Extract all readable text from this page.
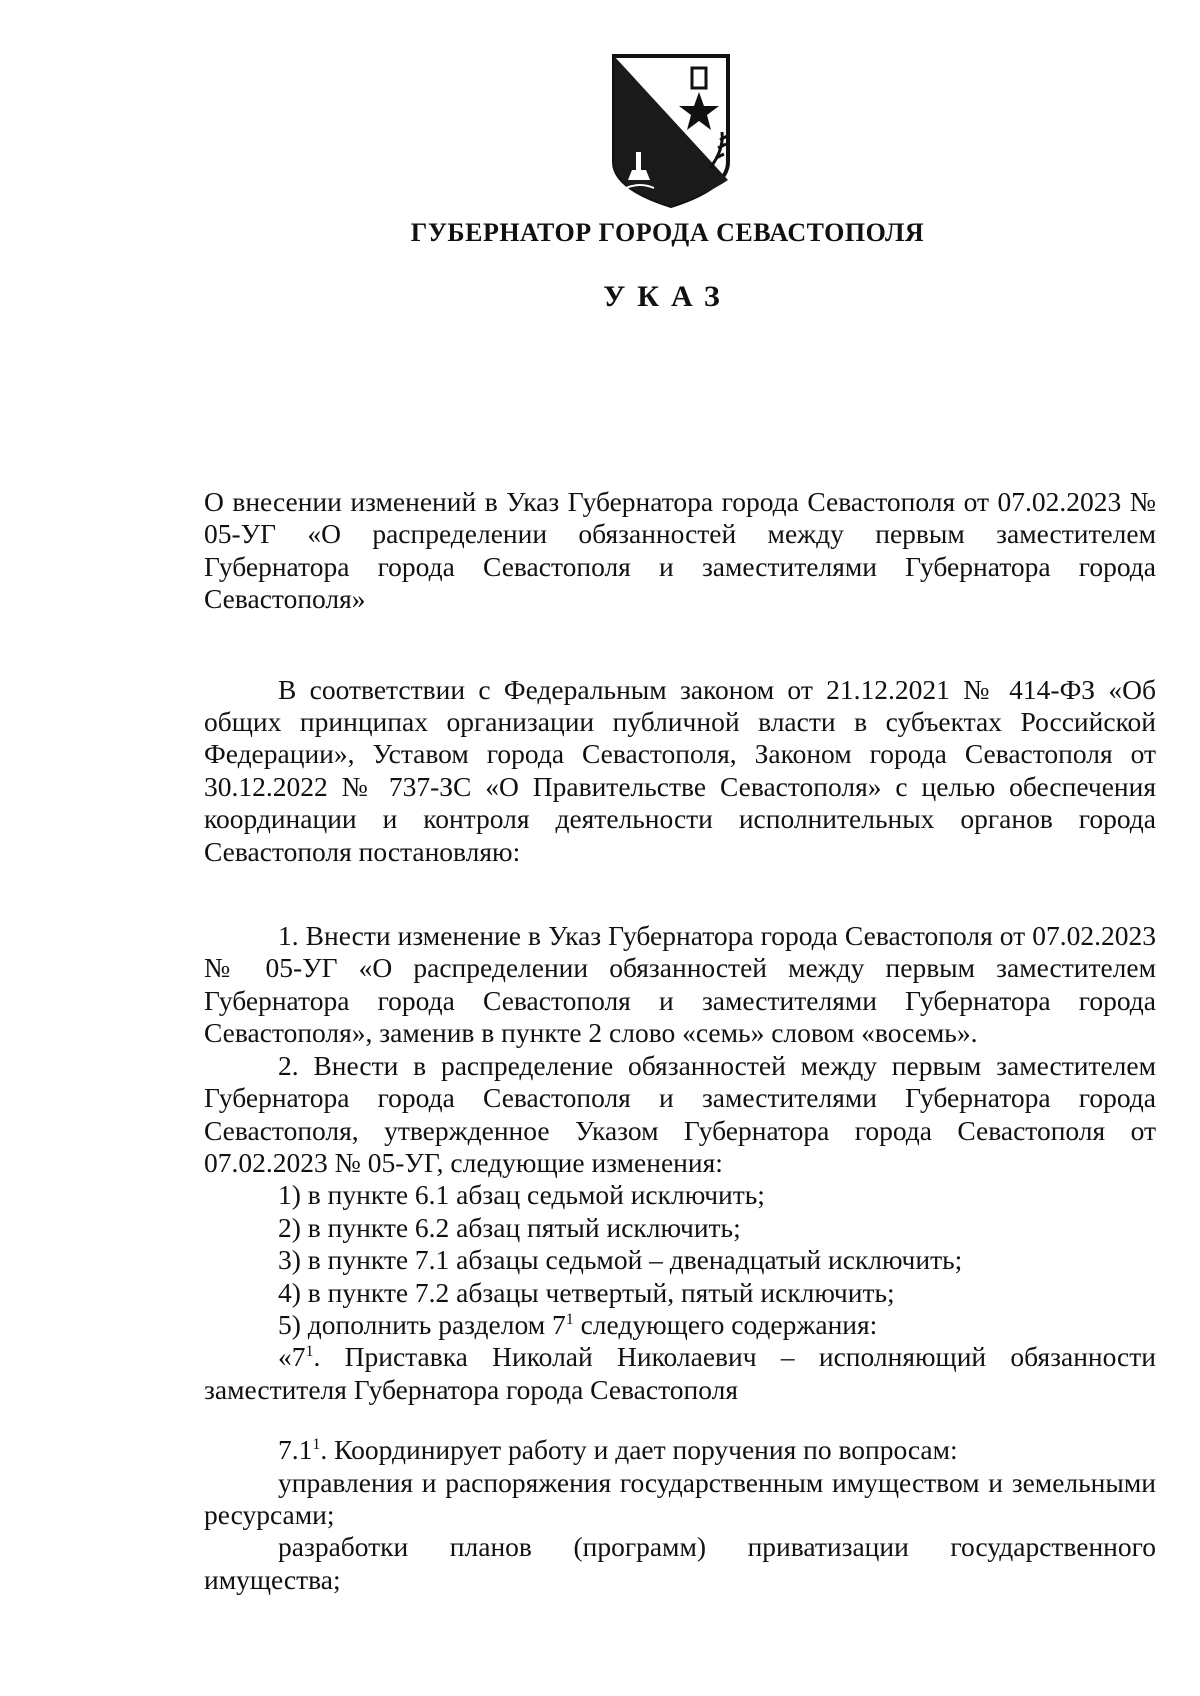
ГУБЕРНАТОР ГОРОДА СЕВАСТОПОЛЯ
УКАЗ

О внесении изменений в Указ Губернатора города Севастополя от 07.02.2023 № 05-УГ «О распределении обязанностей между первым заместителем Губернатора города Севастополя и заместителями Губернатора города Севастополя»

В соответствии с Федеральным законом от 21.12.2021 № 414-ФЗ «Об общих принципах организации публичной власти в субъектах Российской Федерации», Уставом города Севастополя, Законом города Севастополя от 30.12.2022 № 737-ЗС «О Правительстве Севастополя» с целью обеспечения координации и контроля деятельности исполнительных органов города Севастополя постановляю:

1. Внести изменение в Указ Губернатора города Севастополя от 07.02.2023 № 05-УГ «О распределении обязанностей между первым заместителем Губернатора города Севастополя и заместителями Губернатора города Севастополя», заменив в пункте 2 слово «семь» словом «восемь».

2. Внести в распределение обязанностей между первым заместителем Губернатора города Севастополя и заместителями Губернатора города Севастополя, утвержденное Указом Губернатора города Севастополя от 07.02.2023 № 05-УГ, следующие изменения:

1) в пункте 6.1 абзац седьмой исключить;

2) в пункте 6.2 абзац пятый исключить;

3) в пункте 7.1 абзацы седьмой – двенадцатый исключить;

4) в пункте 7.2 абзацы четвертый, пятый исключить;

5) дополнить разделом $7^1$ следующего содержания:

«$7^1$. Приставка Николай Николаевич – исполняющий обязанности заместителя Губернатора города Севастополя

$7.1^1$. Координирует работу и дает поручения по вопросам:

управления и распоряжения государственным имуществом и земельными ресурсами;

разработки планов (программ) приватизации государственного имущества;
